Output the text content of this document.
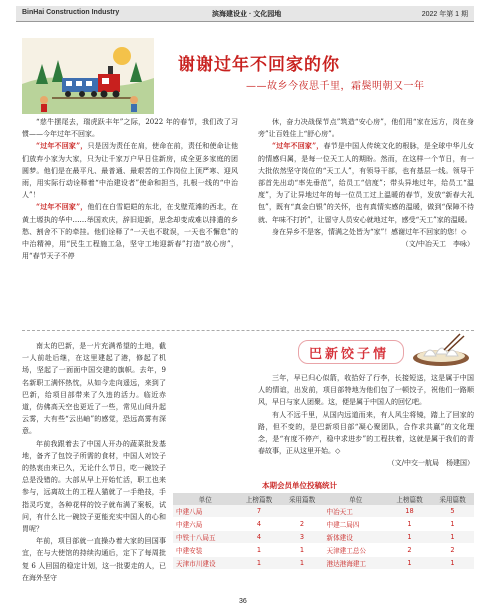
BinHai Construction Industry	滨海建设业 · 文化园地	2022 年第 1 期
谢谢过年不回家的你
——故乡今夜思千里，霜鬓明朝又一年

“慈牛摆尾去，瑞虎跃丰年”之际，2022 年的春节，我们改了习惯——今年过年不回家。

“过年不回家”，只是因为责任在肩，使命在前，责任和使命让他们放弃小家为大家，只为让千家万户早日住新房，成全更多家庭的团圆梦。他们是在最平凡、最普通、最艰苦的工作岗位上顶严寒、迎风雨，用实际行动诠释着“中治建设者”使命和担当，扎根一线的“中治人”！

“过年不回家”，他们在白雪皑皑的东北，在戈壁荒滩的西北，在黄土塬执的华中……举国欢庆，辞旧迎新，思念却变成难以排遣的乡愁、割舍不下的牵挂。他们诠释了“一天也不耽误，一天也不懈怠”的中治精神，用“民生工程施工急，坚守工地迎新春”打造“放心房”，用“春节天子不停

休，奋力决战保节点”筑造“安心房”，他们用“家在远方，岗在身旁”让百姓住上“舒心房”。

“过年不回家”，春节是中国人传统文化的根脉，是全球中华儿女的情感归属，是每一位天工人的期盼。然而，在这样一个节日，有一大批依然坚守岗位的“天工人”，有领导干部，也有基层一线。领导干部首先出动“率先垂范”，给员工“信度”；带头异地过年，给员工“温度”，为了让异地过年的每一位员工过上温暖的春节，发放“新春大礼包”，既有“真金白银”的关怀，也有真情实感的温暖，做到“保障不待就、年味不打折”，让留守人员安心就地过年，感受“天工”家的温暖。

身在异乡不是客，情满之处皆为“家”！感谢过年不回家的您！◇

（文/中冶天工　李咏）
巴新饺子情

南太的巴新，是一片充满希望的土地，截一人前赴后继，在这里建起了港，修起了机场，坚起了一面面中国交建的旗帜。去年，9 名新职工满怀热忱，从如今走向遥远，来到了巴新，给项目部带来了久违的活力。临近赤道，仿佛高天空也更近了一些，常见山间升起云雾，大有些“云出岫”的感觉，恐远高雾有深意。

年前我跟着去了中国人开办的蔬菜批发基地，备齐了包饺子所需的食材，中国人对饺子的热衷由来已久，无论什么节日，吃一碗饺子总是没错的。大部从早上开始忙活，职工也来参与，远离故土的工程人猫就了一手绝技，手指灵巧宽，各种花样的饺子就布满了案板，试问，有什么比一碗饺子更能充实中国人的心和胃呢？

年前，项目部就一直操办着大家的回国事宜，在与大使馆的持续沟通后，定下了每周批复 6 人回国的稳定计划，这一批要走的人，已在海外坚守

三年，早已归心似箭，收拾好了行李，长接短送，这是属于中国人的情谊，出发前，项目部特地为他们包了一顿饺子，祝他们一路顺风，早日与家人团聚。这，便是属于中国人的回忆吧。

有人不远千里，从国内远道而来，有人风尘将镜，踏上了回家的路，但不变的，是巴新项目部“凝心聚团队，合作求共赢”的文化理念，是“有度不停产，稳中求进步”的工程扶着，这就是属于我们的青春故事，正从这里开始。◇

（文/中交一航局　杨建国）
本期会员单位投稿统计
单位	上榜篇数	采用篇数	单位	上榜篇数	采用篇数
中建八局	7		中冶天工	18	5
中建六局	4	2	中建二局四	1	1
中铁十八局五	4	3	新体建设	1	1
中建安装	1	1	天津建工总公	2	2
天津市川建设	1	1	港达港海建工	1	1
36
